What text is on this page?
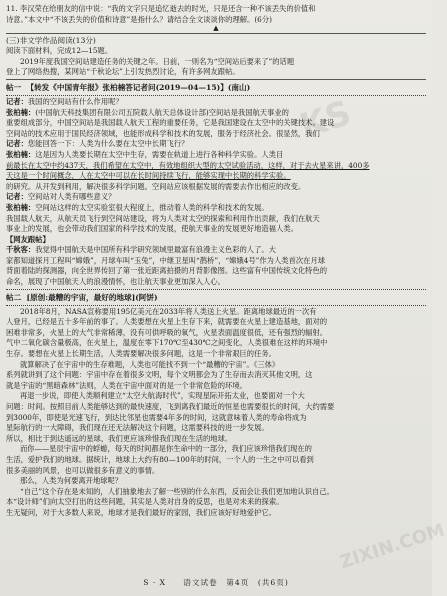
KS
ZIXIN.COM

11. 李汉荣在给朋友的信中说：“我的文字只是追忆逝去的时光，只是还含一种不该丢失的价值和
诗意。”本文中“不该丢失的价值和诗意”是指什么？请结合全文谈谈你的理解。(6分)

▲

(三)非文学作品阅读(13分)

阅读下面材料，完成12—15题。

2019年度我国空间站建造任务的关键之年。日前，一则名为“空间站后要来了”的话题

登上了网络热搜，某网站“千秋论坛”上引发热烈讨论，有许多网友跟帖。

帖一 【转发《中国青年报》张柏楠答记者问(2019—04—15)】(南山)

记者：我国的空间站有什么作用呢？

张柏楠：(中国航天科技集团有限公司五院载人航天总体设计部)空间站是我国航天事业的

重要组成部分，中国空间站是我国载人航天工程的重要任务，它是我国建设在太空中的关键技术。建设

空间站的技术应用于国民经济领域，也能形成科学和技术的发展，服务于经济社会。很显然，我们

记者：您能回答一下：人类为什么要在太空中长期飞行？

张柏楠：这是因为人类要长期在太空中生存，需要在轨道上进行各种科学实验。人类目

前最长在太空中约437天，我们希望在太空中，有效地组织大型的太空试验活动，这样，对于去火星来讲，400多

天这是一个时间概念，人在太空中可以在长时间持续飞行，能够实现中长期的科学实验。

的研究。从开发到利用，解决很多科学问题。空间站应该根据发展的需要去作出相应的改变。

记者：空间站对人类有哪些意义？

张柏楠：空间站这样的太空实验室很大程度上，推动着人类的科学和技术的发展。

我国载人航天，从航天员飞行到空间站建设，将为人类对太空的探索和利用作出贡献，我们在航天

事业上的发展，也会带动我们国家的科学技术的发展，使航天事业的发展更好地造福人类。

【网友跟帖】

千秋客：我觉得中国航天是中国所有科学研究领域里最富有浪漫主义色彩的人了。大

家都知道探月工程叫“嫦娥”，月球车叫“玉兔”，中继卫星叫“鹊桥”，“嫦娥4号”作为人类首次在月球

背面着陆的探测器，向全世界传回了第一张近距离拍摄的月背影像图。这些富有中国传统文化特色的

命名，展现了中国航天人的浪漫情怀，也让航天事业更加深入人心。

帖二 [原创:最糟的宇宙，最好的地球](阿饼)

2018年8月，NASA宣称要用195亿美元在2033年将人类送上火星。距离地球最近的一次有

人登月，已经是五十多年前的事了。人类要想在火星上生存下来，就需要在火星上建造基地，面对的

困难非常多，火星上的大气非常稀薄，没有可供呼吸的氧气，火星表面温度很低，还有强烈的辐射。

气中二氧化碳含量极高，在火星上，温度在零下170℃至430℃之间变化，人类很难在这样的环境中

生存。要想在火星上长期生活，人类需要解决很多问题，这是一个非常艰巨的任务。

就算解决了在宇宙中的生存难题，人类也可能找不到一个“最糟的宇宙”。《三体》

系列就讲到了这个问题：宇宙中存在着很多文明，每个文明都会为了生存而去消灭其他文明，这

就是宇宙的“黑暗森林”法则，人类在宇宙中面对的是一个非常危险的环境。

再退一步说，即使人类顺利建立“太空大航海时代”，实现星际开拓太业，也要面对一个大

问题：时间。按照目前人类能够达到的最快速度，飞到离我们最近的恒星也需要很长的时间，大约需要

到3000年，即使是光速飞行，到达比邻星也需要4年多的时间，这就意味着人类的寿命将成为

星际航行的一大障碍，我们现在还无法解决这个问题，这需要科技的进一步发展。

所以，相比于到达遥远的星球，我们更应该珍惜我们现在生活的地球。

而你——星辰宇宙中的蜉蝣，每天的时间都是你生命中的一部分，我们应该珍惜我们现在的

生活，爱护我们的地球。据统计，地球上大约有80—100年的时间，一个人的一生之中可以看到

很多美丽的风景，也可以做很多有意义的事情。

那么，人类为何要离开地球呢？

“自己”这个存在是未知的，人们抽象地去了解一些别的什么东西，反而会让我们更加地认识自己。

本“设计师”们向太空打出的这些问题，其实是人类对自身的反思，也是对未来的探索。

生无疑问，对于大多数人来说，地球才是我们最好的家园，我们应该好好地爱护它。

S · X　　语文试卷　第4页　(共6页)
